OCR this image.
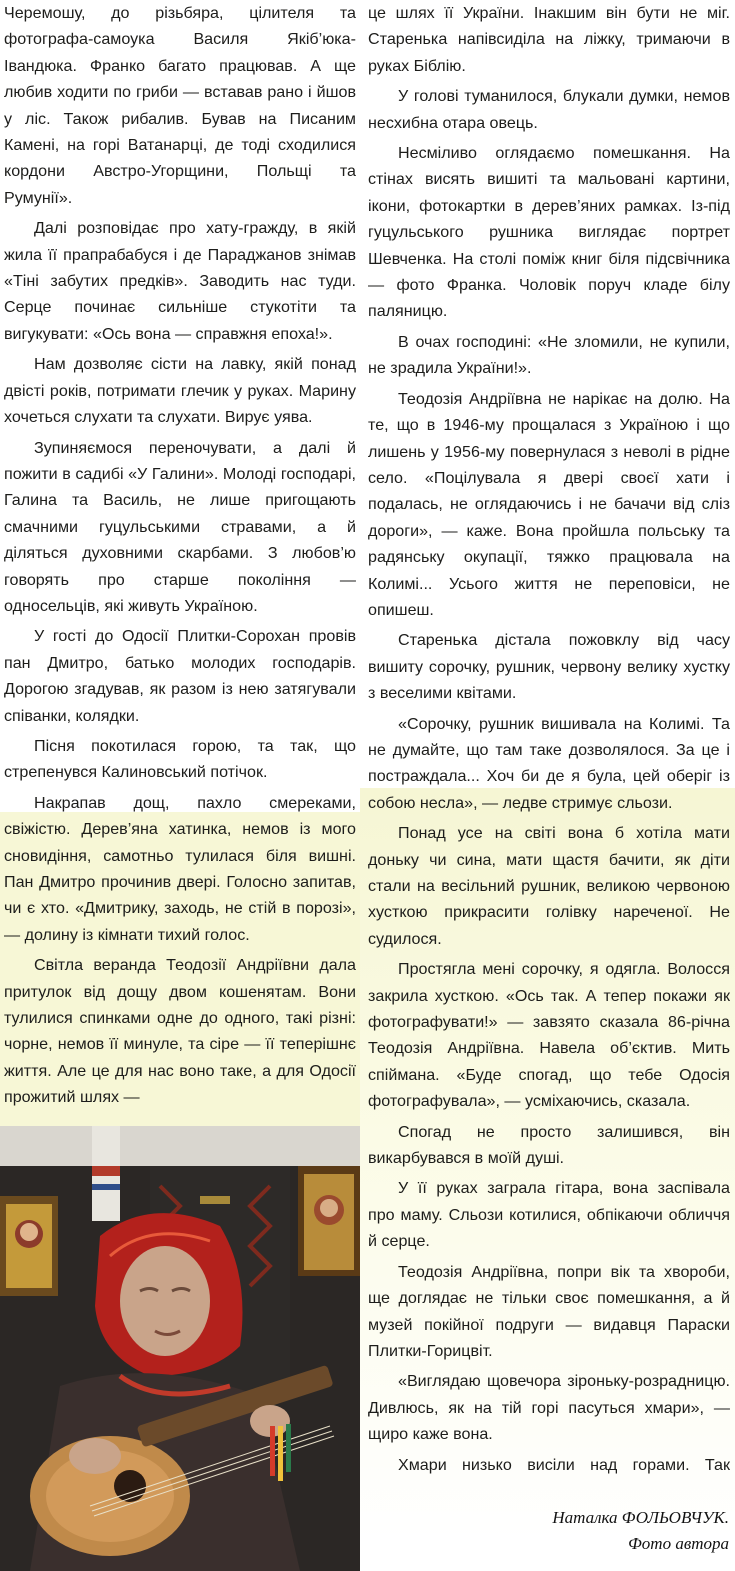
Черемошу, до різьбяра, цілителя та фотографа-самоука Василя Якіб’юка-Івандюка. Франко багато працював. А ще любив ходити по гриби — вставав рано і йшов у ліс. Також рибалив. Бував на Писаним Камені, на горі Ватанарці, де тоді сходилися кордони Австро-Угорщини, Польщі та Румунії».

Далі розповідає про хату-гражду, в якій жила її прапрабабуся і де Параджанов знімав «Тіні забутих предків». Заводить нас туди. Серце починає сильніше стукотіти та вигукувати: «Ось вона — справжня епоха!».

Нам дозволяє сісти на лавку, якій понад двісті років, потримати глечик у руках. Марину хочеться слухати та слухати. Вирує уява.

Зупиняємося переночувати, а далі й пожити в садибі «У Галини». Молоді господарі, Галина та Василь, не лише пригощають смачними гуцульськими стравами, а й діляться духовними скарбами. З любов’ю говорять про старше покоління — односельців, які живуть Україною.

У гості до Одосії Плитки-Сорохан провів пан Дмитро, батько молодих господарів. Дорогою згадував, як разом із нею затягували співанки, колядки.

Пісня покотилася горою, та так, що стрепенувся Калиновський потічок.

Накрапав дощ, пахло смереками, свіжістю. Дерев’яна хатинка, немов із мого сновидіння, самотньо тулилася біля вишні. Пан Дмитро прочинив двері. Голосно запитав, чи є хто. «Дмитрику, заходь, не стій в порозі», — долину із кімнати тихий голос.

Світла веранда Теодозії Андріївни дала притулок від дощу двом кошенятам. Вони тулилися спинками одне до одного, такі різні: чорне, немов її минуле, та сіре — її теперішнє життя. Але це для нас воно таке, а для Одосії прожитий шлях —

це шлях її України. Інакшим він бути не міг. Старенька напівсиділа на ліжку, тримаючи в руках Біблію.

У голові туманилося, блукали думки, немов несхибна отара овець.

Несміливо оглядаємо помешкання. На стінах висять вишиті та мальовані картини, ікони, фотокартки в дерев’яних рамках. Із-під гуцульського рушника виглядає портрет Шевченка. На столі поміж книг біля підсвічника — фото Франка. Чоловік поруч кладе білу паляницю.

В очах господині: «Не зломили, не купили, не зрадила України!».

Теодозія Андріївна не нарікає на долю. На те, що в 1946-му прощалася з Україною і що лишень у 1956-му повернулася з неволі в рідне село. «Поцілувала я двері своєї хати і подалась, не оглядаючись і не бачачи від сліз дороги», — каже. Вона пройшла польську та радянську окупації, тяжко працювала на Колимі... Усього життя не переповіси, не опишеш.

Старенька дістала пожовклу від часу вишиту сорочку, рушник, червону велику хустку з веселими квітами.

«Сорочку, рушник вишивала на Колимі. Та не думайте, що там таке дозволялося. За це і постраждала... Хоч би де я була, цей оберіг із собою несла», — ледве стримує сльози.

Понад усе на світі вона б хотіла мати доньку чи сина, мати щастя бачити, як діти стали на весільний рушник, великою червоною хусткою прикрасити голівку нареченої. Не судилося.

Простягла мені сорочку, я одягла. Волосся закрила хусткою. «Ось так. А тепер покажи як фотографувати!» — завзято сказала 86-річна Теодозія Андріївна. Навела об’єктив. Мить спіймана. «Буде спогад, що тебе Одосія фотографувала», — усміхаючись, сказала.

Спогад не просто залишився, він викарбувався в моїй душі.

У її руках заграла гітара, вона заспівала про маму. Сльози котилися, обпікаючи обличчя й серце.

Теодозія Андріївна, попри вік та хвороби, ще доглядає не тільки своє помешкання, а й музей покійної подруги — видавця Параски Плитки-Горицвіт.

«Виглядаю щовечора зіроньку-розрадницю. Дивлюсь, як на тій горі пасуться хмари», — щиро каже вона.

Хмари низько висіли над горами. Так

Наталка ФОЛЬОВЧУК.
Фото автора
